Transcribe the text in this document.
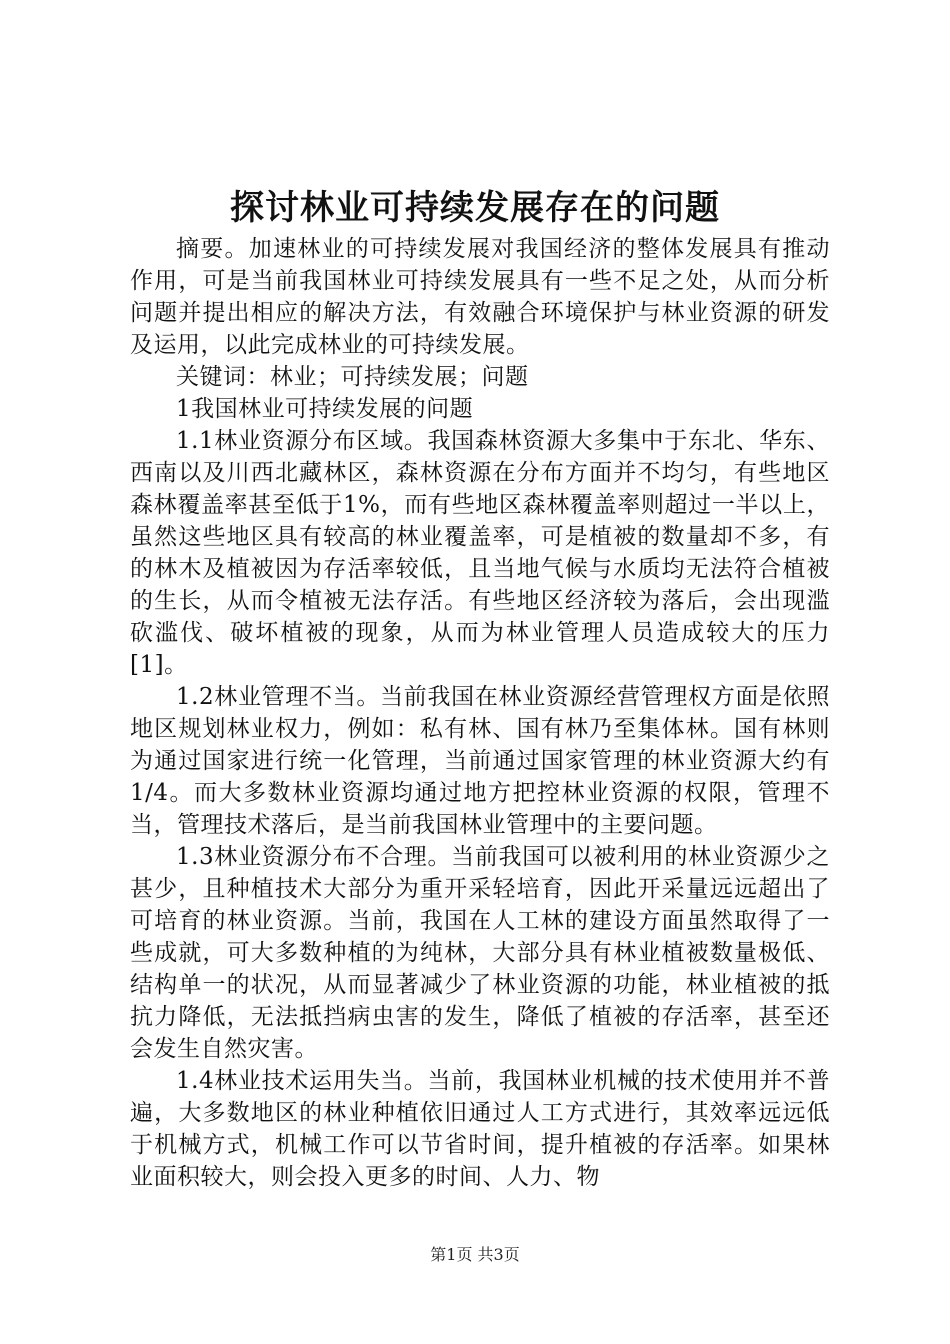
探讨林业可持续发展存在的问题

摘要。加速林业的可持续发展对我国经济的整体发展具有推动作用，可是当前我国林业可持续发展具有一些不足之处，从而分析问题并提出相应的解决方法，有效融合环境保护与林业资源的研发及运用，以此完成林业的可持续发展。

关键词：林业；可持续发展；问题

1我国林业可持续发展的问题

1.1林业资源分布区域。我国森林资源大多集中于东北、华东、西南以及川西北藏林区，森林资源在分布方面并不均匀，有些地区森林覆盖率甚至低于1%，而有些地区森林覆盖率则超过一半以上，虽然这些地区具有较高的林业覆盖率，可是植被的数量却不多，有的林木及植被因为存活率较低，且当地气候与水质均无法符合植被的生长，从而令植被无法存活。有些地区经济较为落后，会出现滥砍滥伐、破坏植被的现象，从而为林业管理人员造成较大的压力[1]。

1.2林业管理不当。当前我国在林业资源经营管理权方面是依照地区规划林业权力，例如：私有林、国有林乃至集体林。国有林则为通过国家进行统一化管理，当前通过国家管理的林业资源大约有1/4。而大多数林业资源均通过地方把控林业资源的权限，管理不当，管理技术落后，是当前我国林业管理中的主要问题。

1.3林业资源分布不合理。当前我国可以被利用的林业资源少之甚少，且种植技术大部分为重开采轻培育，因此开采量远远超出了可培育的林业资源。当前，我国在人工林的建设方面虽然取得了一些成就，可大多数种植的为纯林，大部分具有林业植被数量极低、结构单一的状况，从而显著减少了林业资源的功能，林业植被的抵抗力降低，无法抵挡病虫害的发生，降低了植被的存活率，甚至还会发生自然灾害。

1.4林业技术运用失当。当前，我国林业机械的技术使用并不普遍，大多数地区的林业种植依旧通过人工方式进行，其效率远远低于机械方式，机械工作可以节省时间，提升植被的存活率。如果林业面积较大，则会投入更多的时间、人力、物

第1页 共3页
